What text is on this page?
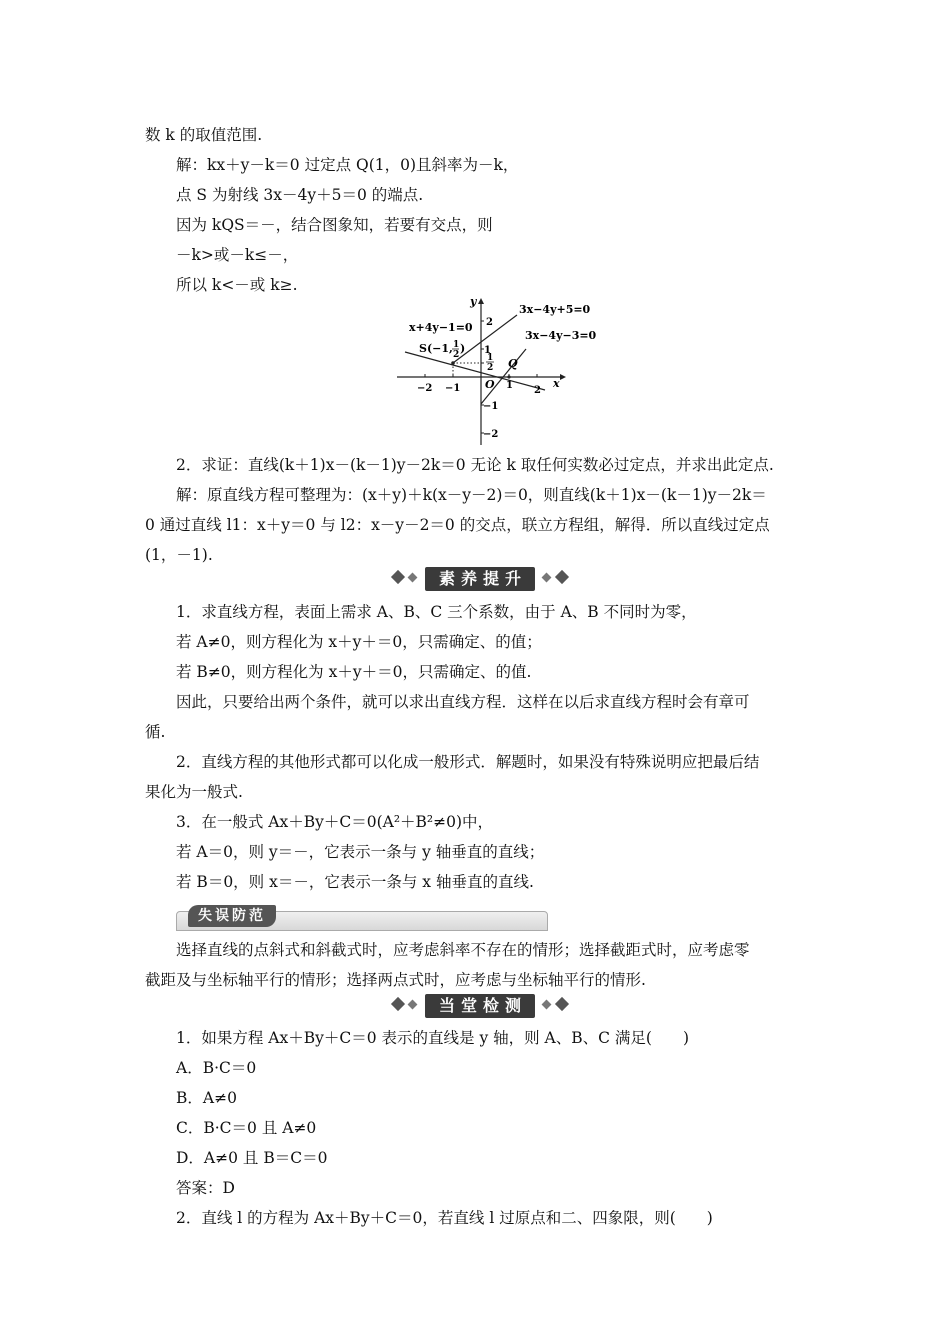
数 k 的取值范围.
解：kx＋y－k＝0 过定点 Q(1，0)且斜率为－k，
点 S 为射线 3x－4y＋5＝0 的端点.
因为 kQS＝－，结合图象知，若要有交点，则
－k>或－k≤－，
所以 k<－或 k≥.
3x−4y+5=0
x+4y−1=0
3x−4y−3=0
S(−1, 1
2 )
y
x
O
Q
2
1
1
2
−1
−2
−2 −1	1 2
2．求证：直线(k＋1)x－(k－1)y－2k＝0 无论 k 取任何实数必过定点，并求出此定点.
解：原直线方程可整理为：(x＋y)＋k(x－y－2)＝0，则直线(k＋1)x－(k－1)y－2k＝
0 通过直线 l1：x＋y＝0 与 l2：x－y－2＝0 的交点，联立方程组，解得．所以直线过定点
(1，－1).
素养提升
1．求直线方程，表面上需求 A、B、C 三个系数，由于 A、B 不同时为零，
若 A≠0，则方程化为 x＋y＋＝0，只需确定、的值；
若 B≠0，则方程化为 x＋y＋＝0，只需确定、的值.
因此，只要给出两个条件，就可以求出直线方程．这样在以后求直线方程时会有章可
循.
2．直线方程的其他形式都可以化成一般形式．解题时，如果没有特殊说明应把最后结
果化为一般式.
3．在一般式 Ax＋By＋C＝0(A²＋B²≠0)中，
若 A＝0，则 y＝－，它表示一条与 y 轴垂直的直线；
若 B＝0，则 x＝－，它表示一条与 x 轴垂直的直线.
失误防范
选择直线的点斜式和斜截式时，应考虑斜率不存在的情形；选择截距式时，应考虑零
截距及与坐标轴平行的情形；选择两点式时，应考虑与坐标轴平行的情形.
当堂检测
1．如果方程 Ax＋By＋C＝0 表示的直线是 y 轴，则 A、B、C 满足(　　)
A．B·C＝0
B．A≠0
C．B·C＝0 且 A≠0
D．A≠0 且 B＝C＝0
答案：D
2．直线 l 的方程为 Ax＋By＋C＝0，若直线 l 过原点和二、四象限，则(　　)
